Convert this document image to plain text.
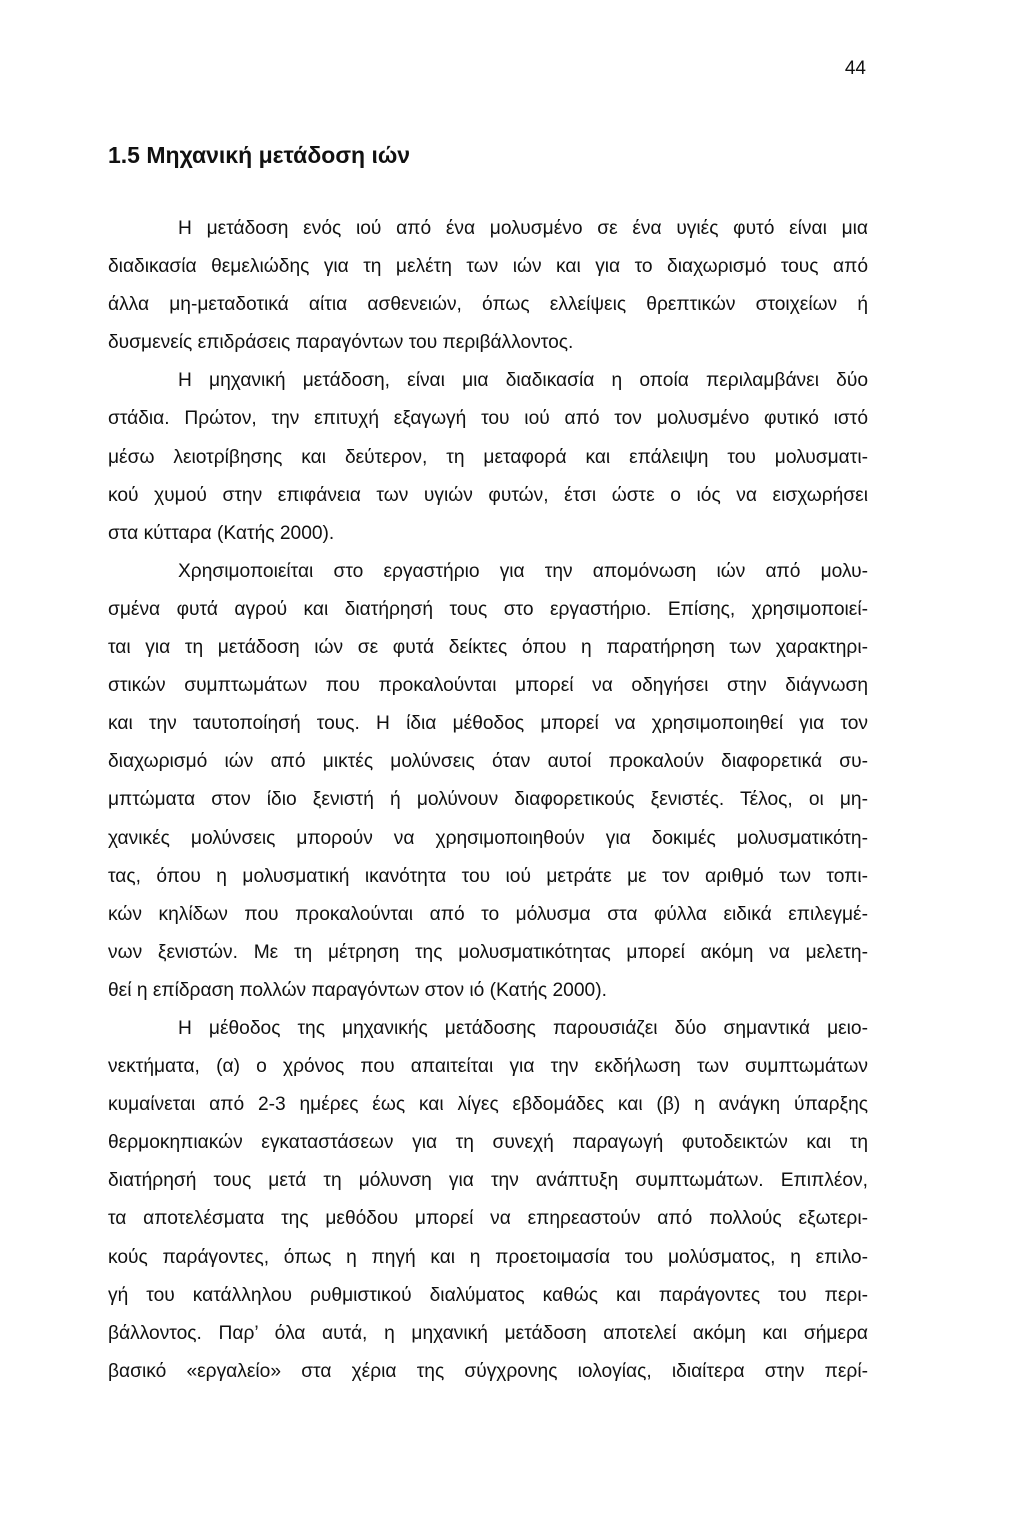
44
1.5 Μηχανική μετάδοση ιών
Η μετάδοση ενός ιού από ένα μολυσμένο σε ένα υγιές φυτό είναι μια
διαδικασία θεμελιώδης για τη μελέτη των ιών και για το διαχωρισμό τους από
άλλα μη-μεταδοτικά αίτια ασθενειών, όπως ελλείψεις θρεπτικών στοιχείων ή
δυσμενείς επιδράσεις παραγόντων του περιβάλλοντος.
Η μηχανική μετάδοση, είναι μια διαδικασία η οποία περιλαμβάνει δύο
στάδια. Πρώτον, την επιτυχή εξαγωγή του ιού από τον μολυσμένο φυτικό ιστό
μέσω λειοτρίβησης και δεύτερον, τη μεταφορά και επάλειψη του μολυσματι-
κού χυμού στην επιφάνεια των υγιών φυτών, έτσι ώστε ο ιός να εισχωρήσει
στα κύτταρα (Κατής 2000).
Χρησιμοποιείται στο εργαστήριο για την απομόνωση ιών από μολυ-
σμένα φυτά αγρού και διατήρησή τους στο εργαστήριο. Επίσης, χρησιμοποιεί-
ται για τη μετάδοση ιών σε φυτά δείκτες όπου η παρατήρηση των χαρακτηρι-
στικών συμπτωμάτων που προκαλούνται μπορεί να οδηγήσει στην διάγνωση
και την ταυτοποίησή τους. Η ίδια μέθοδος μπορεί να χρησιμοποιηθεί για τον
διαχωρισμό ιών από μικτές μολύνσεις όταν αυτοί προκαλούν διαφορετικά συ-
μπτώματα στον ίδιο ξενιστή ή μολύνουν διαφορετικούς ξενιστές. Τέλος, οι μη-
χανικές μολύνσεις μπορούν να χρησιμοποιηθούν για δοκιμές μολυσματικότη-
τας, όπου η μολυσματική ικανότητα του ιού μετράτε με τον αριθμό των τοπι-
κών κηλίδων που προκαλούνται από το μόλυσμα στα φύλλα ειδικά επιλεγμέ-
νων ξενιστών. Με τη μέτρηση της μολυσματικότητας μπορεί ακόμη να μελετη-
θεί η επίδραση πολλών παραγόντων στον ιό (Κατής 2000).
Η μέθοδος της μηχανικής μετάδοσης παρουσιάζει δύο σημαντικά μειο-
νεκτήματα, (α) ο χρόνος που απαιτείται για την εκδήλωση των συμπτωμάτων
κυμαίνεται από 2-3 ημέρες έως και λίγες εβδομάδες και (β) η ανάγκη ύπαρξης
θερμοκηπιακών εγκαταστάσεων για τη συνεχή παραγωγή φυτοδεικτών και τη
διατήρησή τους μετά τη μόλυνση για την ανάπτυξη συμπτωμάτων. Επιπλέον,
τα αποτελέσματα της μεθόδου μπορεί να επηρεαστούν από πολλούς εξωτερι-
κούς παράγοντες, όπως η πηγή και η προετοιμασία του μολύσματος, η επιλο-
γή του κατάλληλου ρυθμιστικού διαλύματος καθώς και παράγοντες του περι-
βάλλοντος. Παρ’ όλα αυτά, η μηχανική μετάδοση αποτελεί ακόμη και σήμερα
βασικό «εργαλείο» στα χέρια της σύγχρονης ιολογίας, ιδιαίτερα στην περί-
